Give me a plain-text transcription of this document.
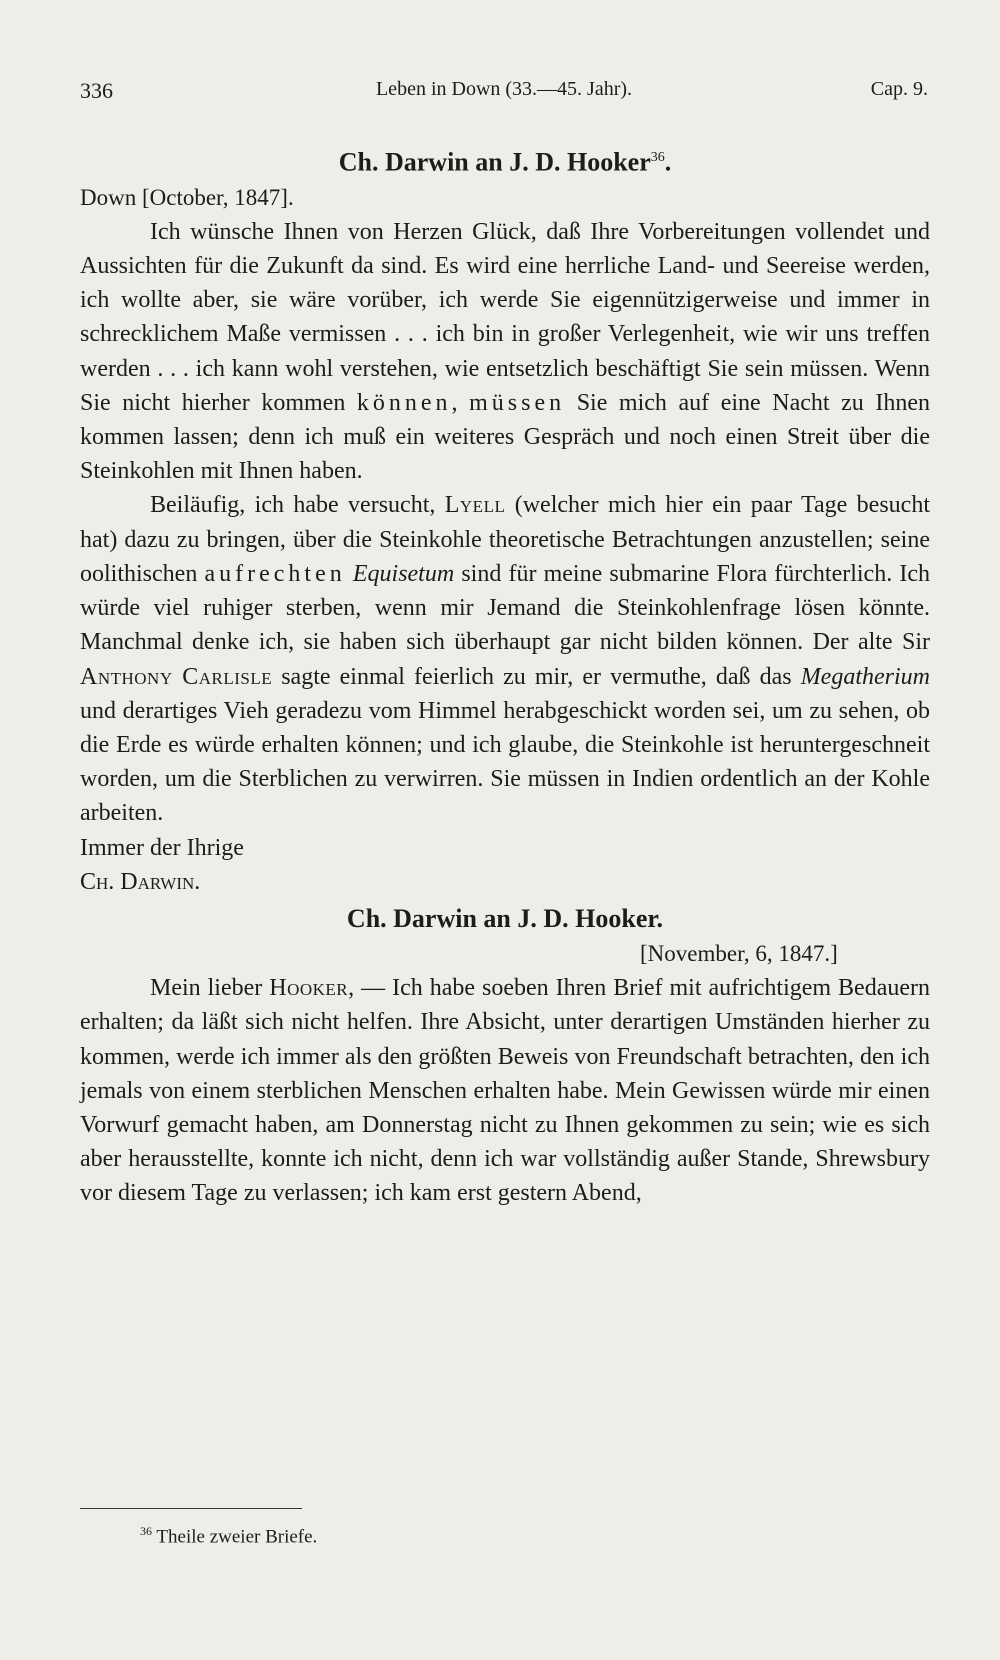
336	Leben in Down (33.—45. Jahr).	Cap. 9.
Ch. Darwin an J. D. Hooker$^{36}$.

Down [October, 1847].

Ich wünsche Ihnen von Herzen Glück, daß Ihre Vorbereitungen vollendet und Aussichten für die Zukunft da sind. Es wird eine herrliche Land- und Seereise werden, ich wollte aber, sie wäre vorüber, ich werde Sie eigennützigerweise und immer in schrecklichem Maße vermissen . . . ich bin in großer Verlegenheit, wie wir uns treffen werden . . . ich kann wohl verstehen, wie entsetzlich beschäftigt Sie sein müssen. Wenn Sie nicht hierher kommen können, müssen Sie mich auf eine Nacht zu Ihnen kommen lassen; denn ich muß ein weiteres Gespräch und noch einen Streit über die Steinkohlen mit Ihnen haben.

Beiläufig, ich habe versucht, Lyell (welcher mich hier ein paar Tage besucht hat) dazu zu bringen, über die Steinkohle theoretische Betrachtungen anzustellen; seine oolithischen aufrechten Equisetum sind für meine submarine Flora fürchterlich. Ich würde viel ruhiger sterben, wenn mir Jemand die Steinkohlenfrage lösen könnte. Manchmal denke ich, sie haben sich überhaupt gar nicht bilden können. Der alte Sir Anthony Carlisle sagte einmal feierlich zu mir, er vermuthe, daß das Megatherium und derartiges Vieh geradezu vom Himmel herabgeschickt worden sei, um zu sehen, ob die Erde es würde erhalten können; und ich glaube, die Steinkohle ist heruntergeschneit worden, um die Sterblichen zu verwirren. Sie müssen in Indien ordentlich an der Kohle arbeiten.

Immer der Ihrige

Ch. Darwin.

Ch. Darwin an J. D. Hooker.

[November, 6, 1847.]

Mein lieber Hooker, — Ich habe soeben Ihren Brief mit aufrichtigem Bedauern erhalten; da läßt sich nicht helfen. Ihre Absicht, unter derartigen Umständen hierher zu kommen, werde ich immer als den größten Beweis von Freundschaft betrachten, den ich jemals von einem sterblichen Menschen erhalten habe. Mein Gewissen würde mir einen Vorwurf gemacht haben, am Donnerstag nicht zu Ihnen gekommen zu sein; wie es sich aber herausstellte, konnte ich nicht, denn ich war vollständig außer Stande, Shrewsbury vor diesem Tage zu verlassen; ich kam erst gestern Abend,

$^{36}$ Theile zweier Briefe.
